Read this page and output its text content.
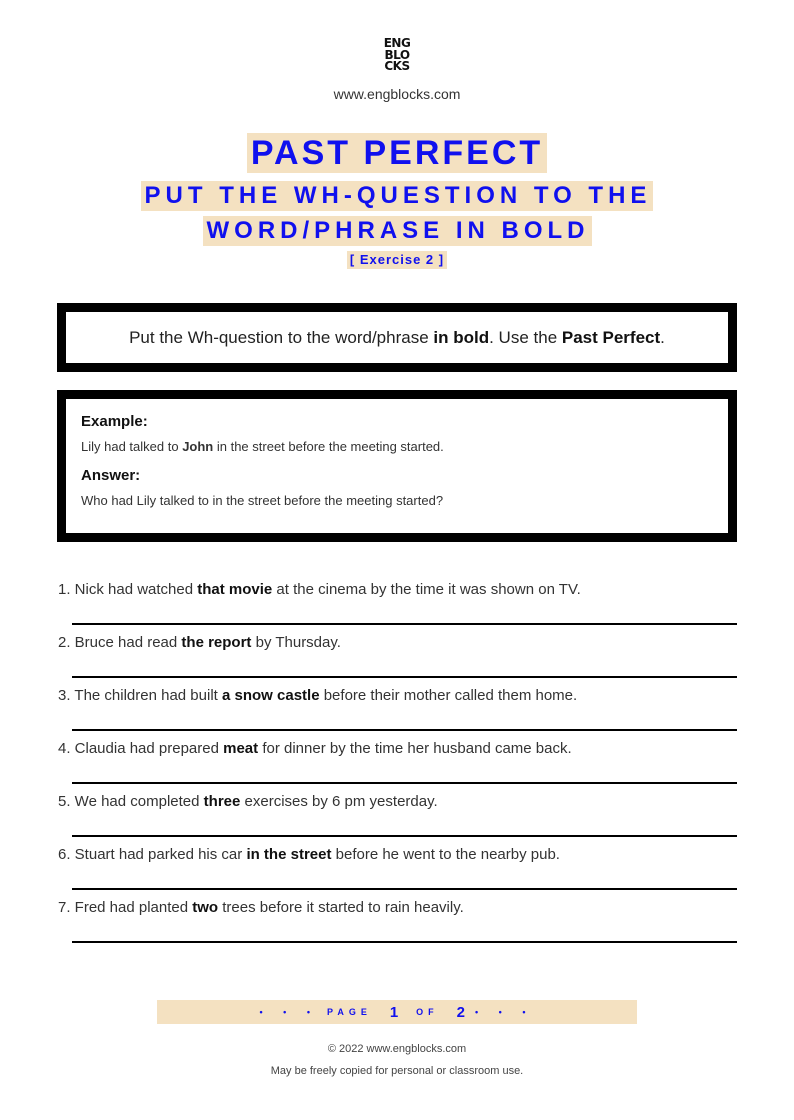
ENG
BLO
CKS
www.engblocks.com
PAST PERFECT
PUT THE WH-QUESTION TO THE
WORD/PHRASE IN BOLD
[ Exercise 2 ]
Put the Wh-question to the word/phrase in bold. Use the Past Perfect.
Example:
Lily had talked to John in the street before the meeting started.
Answer:
Who had Lily talked to in the street before the meeting started?
1. Nick had watched that movie at the cinema by the time it was shown on TV.
2. Bruce had read the report by Thursday.
3. The children had built a snow castle before their mother called them home.
4. Claudia had prepared meat for dinner by the time her husband came back.
5. We had completed three exercises by 6 pm yesterday.
6. Stuart had parked his car in the street before he went to the nearby pub.
7. Fred had planted two trees before it started to rain heavily.
• • • PAGE 1 OF 2 • • •
© 2022 www.engblocks.com
May be freely copied for personal or classroom use.
